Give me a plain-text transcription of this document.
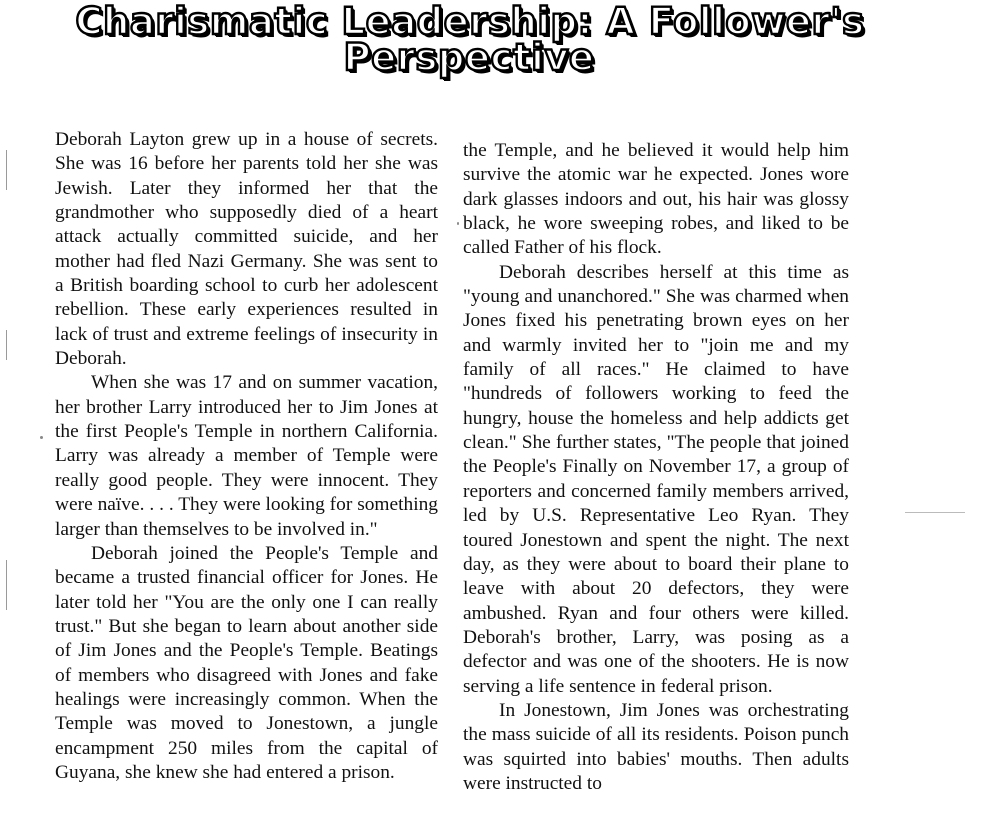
Charismatic Leadership: A Follower's
Perspective

Deborah Layton grew up in a house of secrets. She was 16 before her parents told her she was Jewish. Later they informed her that the grandmother who supposedly died of a heart attack actually committed suicide, and her mother had fled Nazi Germany. She was sent to a British boarding school to curb her adolescent rebellion. These early experiences resulted in lack of trust and extreme feelings of insecurity in Deborah.

When she was 17 and on summer vacation, her brother Larry introduced her to Jim Jones at the first People's Temple in northern California. Larry was already a member of Temple were really good people. They were innocent. They were naïve. . . . They were looking for something larger than themselves to be involved in."

Deborah joined the People's Temple and became a trusted financial officer for Jones. He later told her "You are the only one I can really trust." But she began to learn about another side of Jim Jones and the People's Temple. Beatings of members who disagreed with Jones and fake healings were increasingly common. When the Temple was moved to Jonestown, a jungle encampment 250 miles from the capital of Guyana, she knew she had entered a prison.

the Temple, and he believed it would help him survive the atomic war he expected. Jones wore dark glasses indoors and out, his hair was glossy black, he wore sweeping robes, and liked to be called Father of his flock.

Deborah describes herself at this time as "young and unanchored." She was charmed when Jones fixed his penetrating brown eyes on her and warmly invited her to "join me and my family of all races." He claimed to have "hundreds of followers working to feed the hungry, house the homeless and help addicts get clean." She further states, "The people that joined the People's Finally on November 17, a group of reporters and concerned family members arrived, led by U.S. Representative Leo Ryan. They toured Jonestown and spent the night. The next day, as they were about to board their plane to leave with about 20 defectors, they were ambushed. Ryan and four others were killed. Deborah's brother, Larry, was posing as a defector and was one of the shooters. He is now serving a life sentence in federal prison.

In Jonestown, Jim Jones was orchestrating the mass suicide of all its residents. Poison punch was squirted into babies' mouths. Then adults were instructed to
